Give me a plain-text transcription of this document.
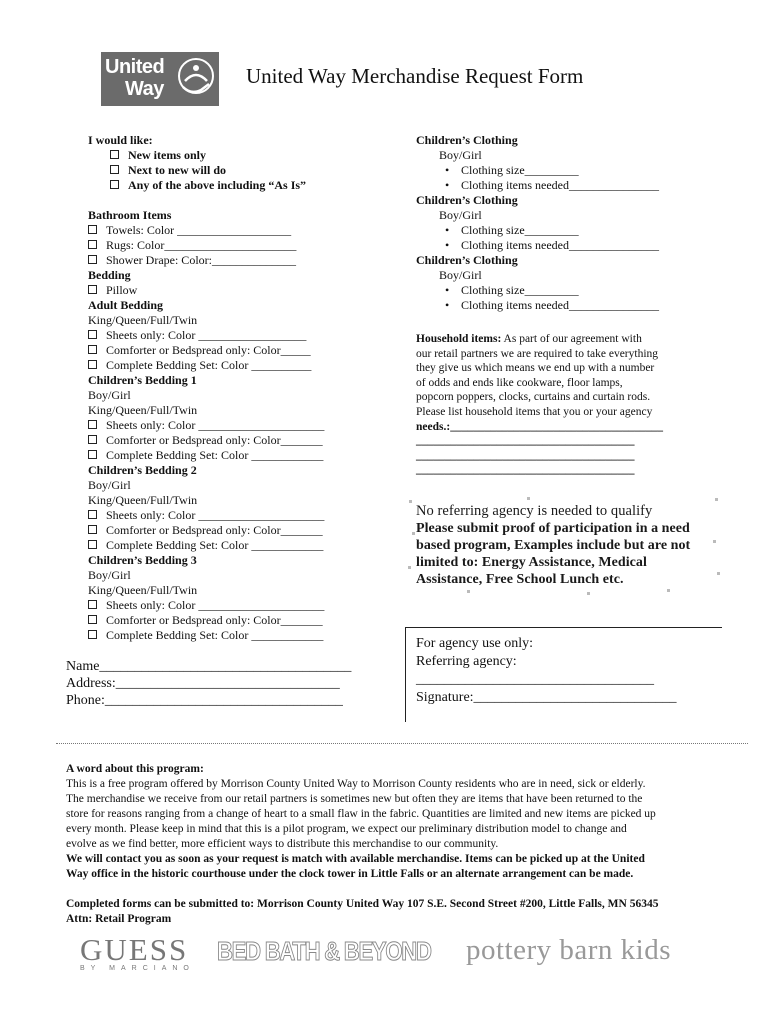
United
Way
United Way Merchandise Request Form
I would like:
New items only
Next to new will do
Any of the above including “As Is”
Bathroom Items
Towels: Color ___________________
Rugs: Color______________________
Shower Drape: Color:______________
Bedding
Pillow
Adult Bedding
King/Queen/Full/Twin
Sheets only: Color __________________
Comforter or Bedspread only: Color_____
Complete Bedding Set: Color __________
Children’s Bedding 1
Boy/Girl
King/Queen/Full/Twin
Sheets only: Color _____________________
Comforter or Bedspread only: Color_______
Complete Bedding Set: Color ____________
Children’s Bedding 2
Boy/Girl
King/Queen/Full/Twin
Sheets only: Color _____________________
Comforter or Bedspread only: Color_______
Complete Bedding Set: Color ____________
Children’s Bedding 3
Boy/Girl
King/Queen/Full/Twin
Sheets only: Color _____________________
Comforter or Bedspread only: Color_______
Complete Bedding Set: Color ____________
Children’s Clothing
Boy/Girl
• Clothing size_________
• Clothing items needed_______________
Children’s Clothing
Boy/Girl
• Clothing size_________
• Clothing items needed_______________
Children’s Clothing
Boy/Girl
• Clothing size_________
• Clothing items needed_______________
Household items: As part of our agreement with
our retail partners we are required to take everything
they give us which means we end up with a number
of odds and ends like cookware, floor lamps,
popcorn poppers, clocks, curtains and curtain rods.
Please list household items that you or your agency
needs.:_____________________________________
______________________________________
______________________________________
______________________________________
No referring agency is needed to qualify
Please submit proof of participation in a need
based program, Examples include but are not
limited to: Energy Assistance, Medical
Assistance, Free School Lunch etc.
For agency use only:
Referring agency:
__________________________________
Signature:_____________________________
Name____________________________________
Address:________________________________
Phone:__________________________________
A word about this program:
This is a free program offered by Morrison County United Way to Morrison County residents who are in need, sick or elderly.
The merchandise we receive from our retail partners is sometimes new but often they are items that have been returned to the
store for reasons ranging from a change of heart to a small flaw in the fabric. Quantities are limited and new items are picked up
every month. Please keep in mind that this is a pilot program, we expect our preliminary distribution model to change and
evolve as we find better, more efficient ways to distribute this merchandise to our community.
We will contact you as soon as your request is match with available merchandise. Items can be picked up at the United
Way office in the historic courthouse under the clock tower in Little Falls or an alternate arrangement can be made.
Completed forms can be submitted to: Morrison County United Way 107 S.E. Second Street #200, Little Falls, MN 56345
Attn: Retail Program
GUESS
BY MARCIANO
BED BATH & BEYOND pottery barn kids
